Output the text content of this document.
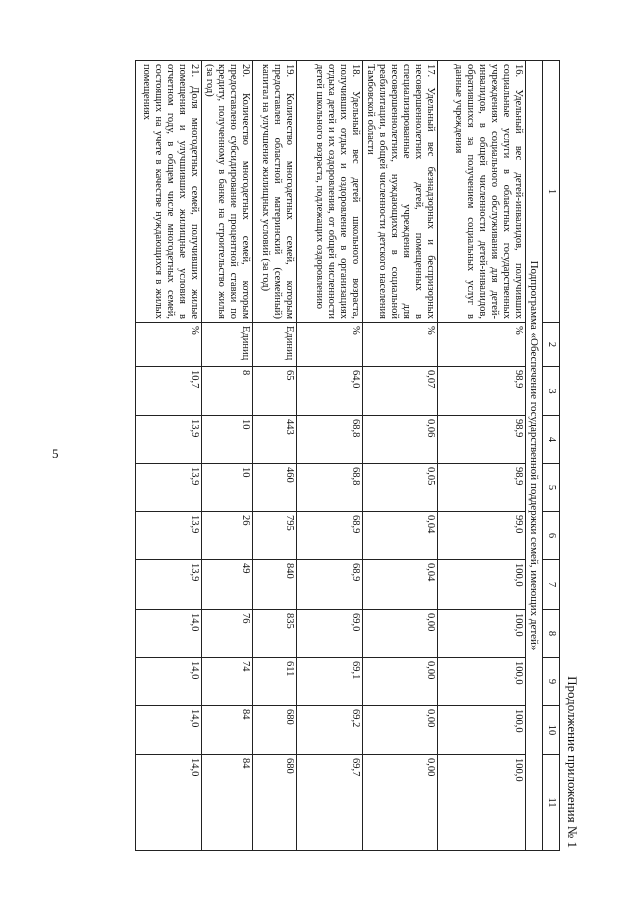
5
Продолжение приложения № 1
1	2	3	4	5	6	7	8	9	10	11
Подпрограмма «Обеспечение государственной поддержки семей, имеющих детей»										
16. Удельный вес детей-инвалидов, получивших социальные услуги в областных государственных учреждениях социального обслуживания для детей-инвалидов, в общей численности детей-инвалидов, обратившихся за получением социальных услуг в данные учреждения	%	98,9	98,9	98,9	99,0	100,0	100,0	100,0	100,0	100,0
17. Удельный вес безнадзорных и беспризорных несовершеннолетних детей, помещенных в специализированные учреждения для несовершеннолетних, нуждающихся в социальной реабилитации, в общей численности детского населения Тамбовской области	%	0,07	0,06	0,05	0,04	0,04	0,00	0,00	0,00	0,00
18. Удельный вес детей школьного возраста, получивших отдых и оздоровление в организациях отдыха детей и их оздоровления, от общей численности детей школьного возраста, подлежащих оздоровлению	%	64,0	68,8	68,8	68,9	68,9	69,0	69,1	69,2	69,7
19. Количество многодетных семей, которым предоставлен областной материнский (семейный) капитал на улучшение жилищных условий (за год)	Единиц	65	443	460	795	840	835	611	680	680
20. Количество многодетных семей, которым предоставлено субсидирование процентной ставки по кредиту, полученному в банке на строительство жилья (за год)	Единиц	8	10	10	26	49	76	74	84	84
21. Доля многодетных семей, получивших жилые помещения и улучшивших жилищные условия в отчетном году, в общем числе многодетных семей, состоящих на учете в качестве нуждающихся в жилых помещениях	%	10,7	13,9	13,9	13,9	13,9	14,0	14,0	14,0	14,0
